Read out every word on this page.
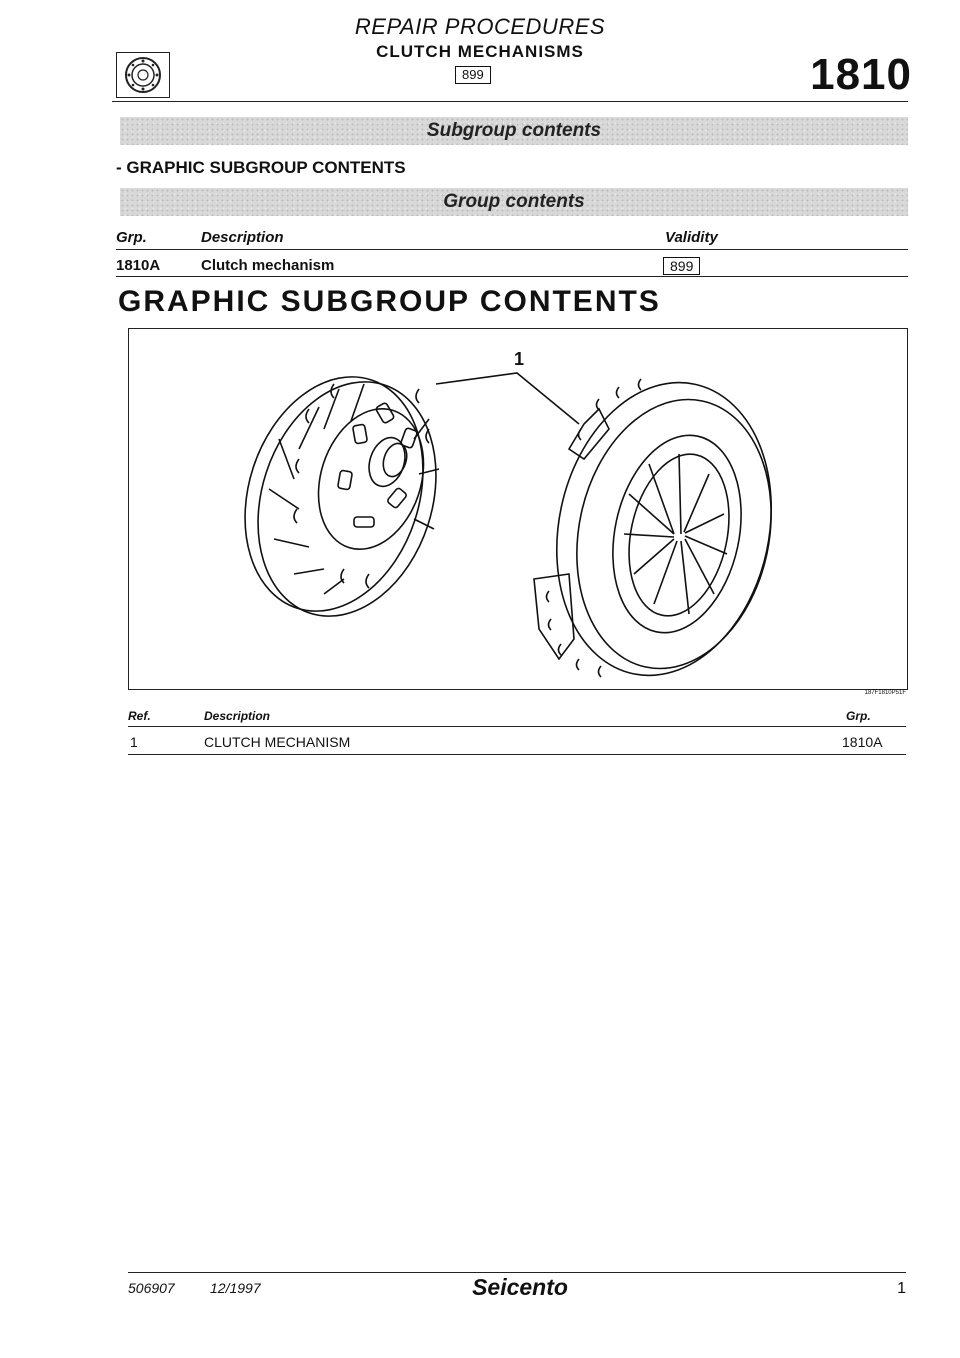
REPAIR PROCEDURES
CLUTCH MECHANISMS
899	1810
Subgroup contents
- GRAPHIC SUBGROUP CONTENTS
Group contents
Grp.	Description	Validity
1810A	Clutch mechanism	899
GRAPHIC SUBGROUP CONTENTS
1
187F1810P51F
Ref.	Description	Grp.
1	CLUTCH MECHANISM	1810A
506907	12/1997	Seicento	1
